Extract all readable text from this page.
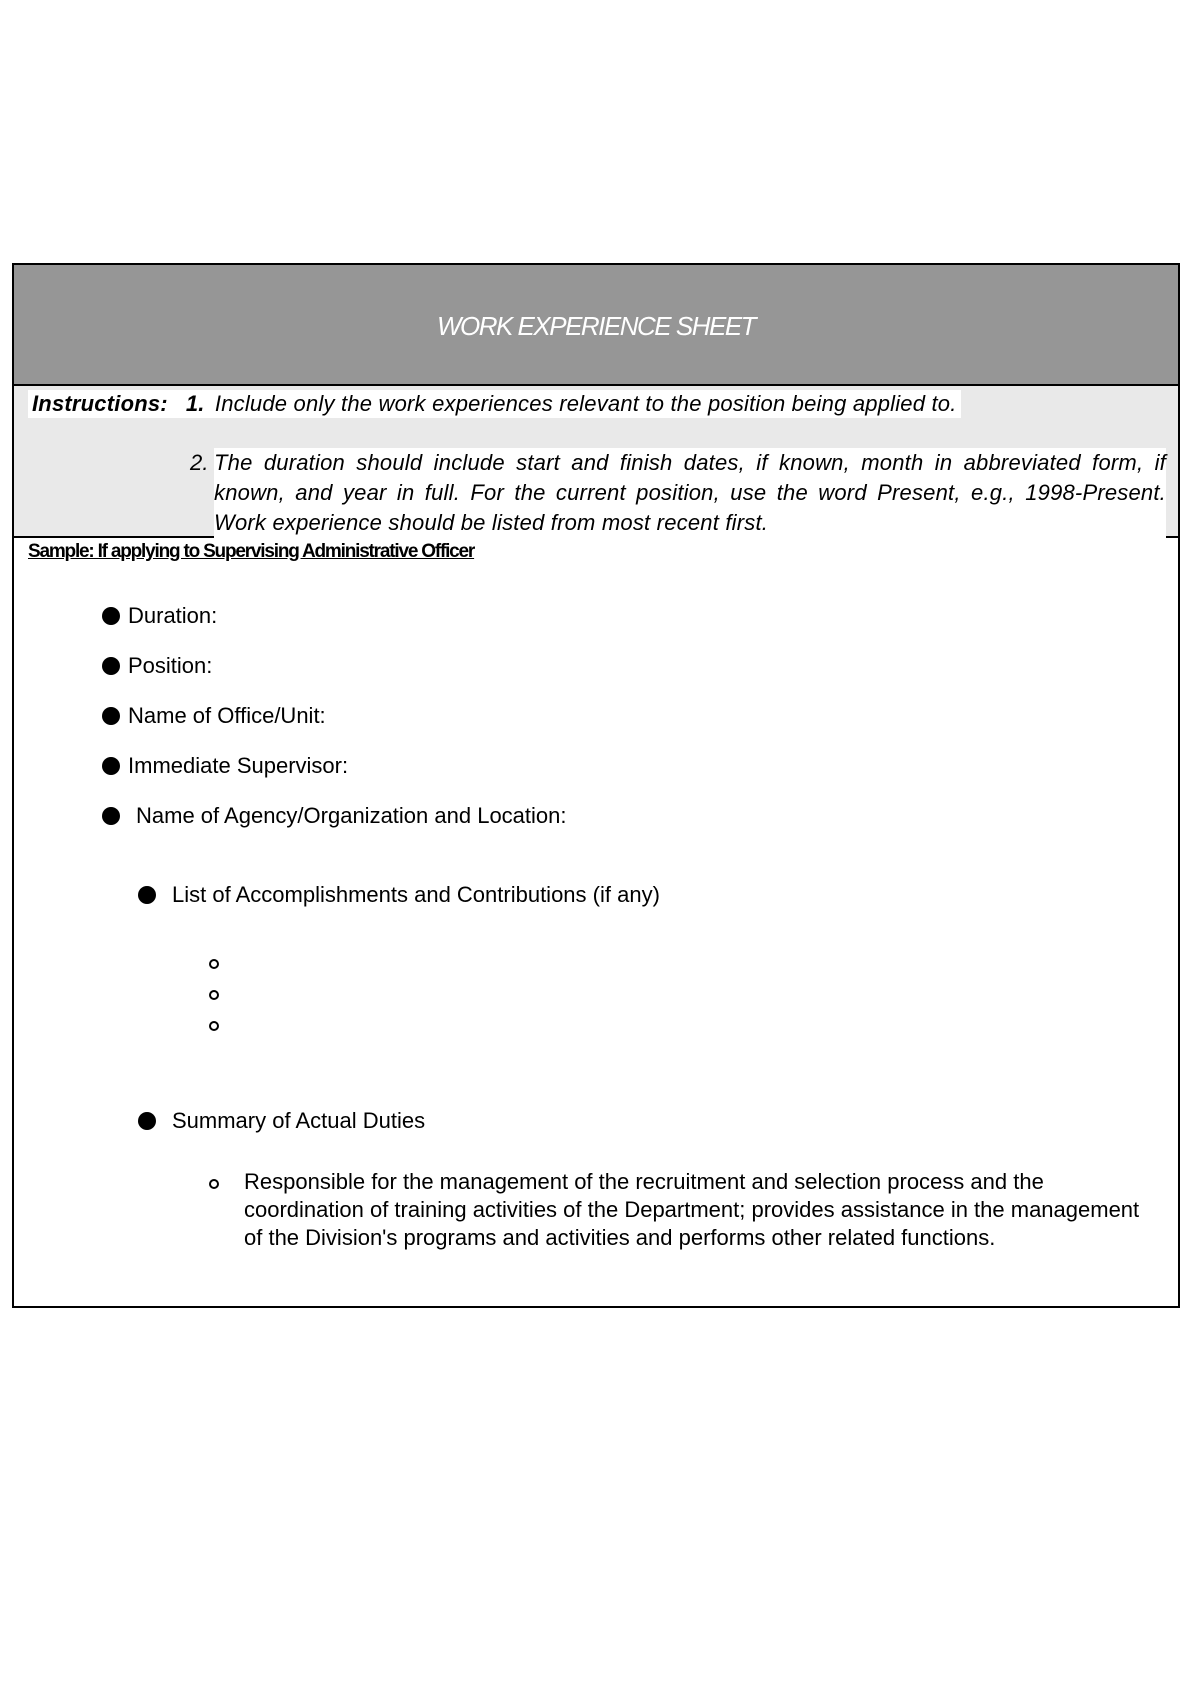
WORK EXPERIENCE SHEET
Instructions: 1. Include only the work experiences relevant to the position being applied to.
2. The duration should include start and finish dates, if known, month in abbreviated form, if known, and year in full. For the current position, use the word Present, e.g., 1998-Present. Work experience should be listed from most recent first.
Sample: If applying to Supervising Administrative Officer
Duration:
Position:
Name of Office/Unit:
Immediate Supervisor:
Name of Agency/Organization and Location:
List of Accomplishments and Contributions (if any)
Summary of Actual Duties
Responsible for the management of the recruitment and selection process and the coordination of training activities of the Department; provides assistance in the management of the Division's programs and activities and performs other related functions.
